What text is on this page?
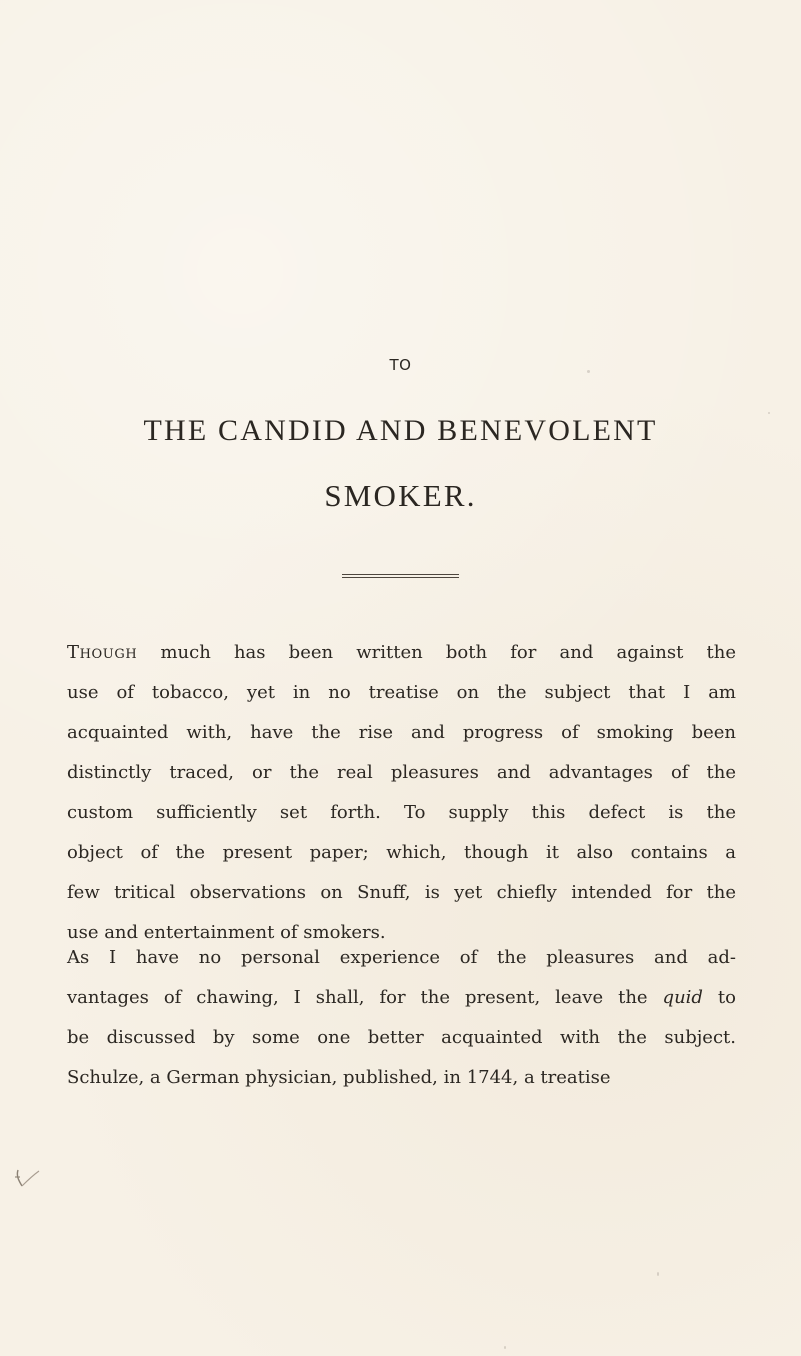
TO
THE CANDID AND BENEVOLENT
SMOKER.
Though much has been written both for and against the
use of tobacco, yet in no treatise on the subject that I am
acquainted with, have the rise and progress of smoking been
distinctly traced, or the real pleasures and advantages of the
custom sufficiently set forth. To supply this defect is the
object of the present paper; which, though it also contains a
few tritical observations on Snuff, is yet chiefly intended for the
use and entertainment of smokers.
As I have no personal experience of the pleasures and ad-
vantages of chawing, I shall, for the present, leave the quid to
be discussed by some one better acquainted with the subject.
Schulze, a German physician, published, in 1744, a treatise
